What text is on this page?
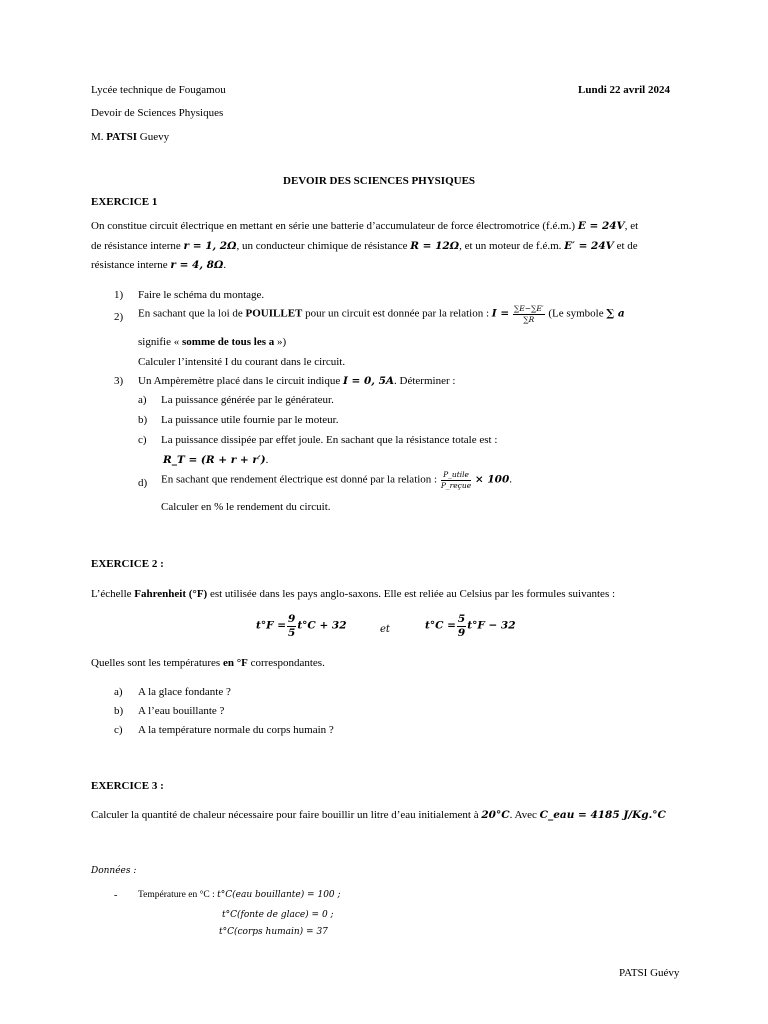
Lycée technique de Fougamou	Lundi 22 avril 2024
Devoir de Sciences Physiques
M. PATSI Guevy
DEVOIR DES SCIENCES PHYSIQUES
EXERCICE 1
On constitue circuit électrique en mettant en série une batterie d’accumulateur de force électromotrice (f.é.m.) E = 24V, et
de résistance interne r = 1, 2Ω, un conducteur chimique de résistance R = 12Ω, et un moteur de f.é.m. E′ = 24V et de
résistance interne r = 4, 8Ω.
1) Faire le schéma du montage.
2) En sachant que la loi de POUILLET pour un circuit est donnée par la relation : $I = \frac{\sum E-\sum E'}{\sum R} (Le$ symbole ∑ a
signifie « somme de tous les a »)
Calculer l’intensité I du courant dans le circuit.
3) Un Ampèremètre placé dans le circuit indique I = 0, 5A. Déterminer :
a) La puissance générée par le générateur.
b) La puissance utile fournie par le moteur.
c) La puissance dissipée par effet joule. En sachant que la résistance totale est :
R_T = (R + r + r′).
d) En sachant que rendement électrique est donné par la relation : $\frac{\text{P\_utile}}{\text{P\_reçue}} \times 100$.
Calculer en % le rendement du circuit.
EXERCICE 2 :
L’échelle Fahrenheit (°F) est utilisée dans les pays anglo-saxons. Elle est reliée au Celsius par les formules suivantes :
$t^\circ F = \frac{9}{5} t^\circ C + 32$	et	$t^\circ C = \frac{5}{9} t^\circ F - 32$
Quelles sont les températures en °F correspondantes.
a) A la glace fondante ?
b) A l’eau bouillante ?
c) A la température normale du corps humain ?
EXERCICE 3 :
Calculer la quantité de chaleur nécessaire pour faire bouillir un litre d’eau initialement à 20°C. Avec C_eau = 4185 J/Kg.°C
Données :
- Température en °C : t°C(eau bouillante) = 100 ;
t°C(fonte de glace) = 0 ;
t°C(corps humain) = 37
PATSI Guévy
